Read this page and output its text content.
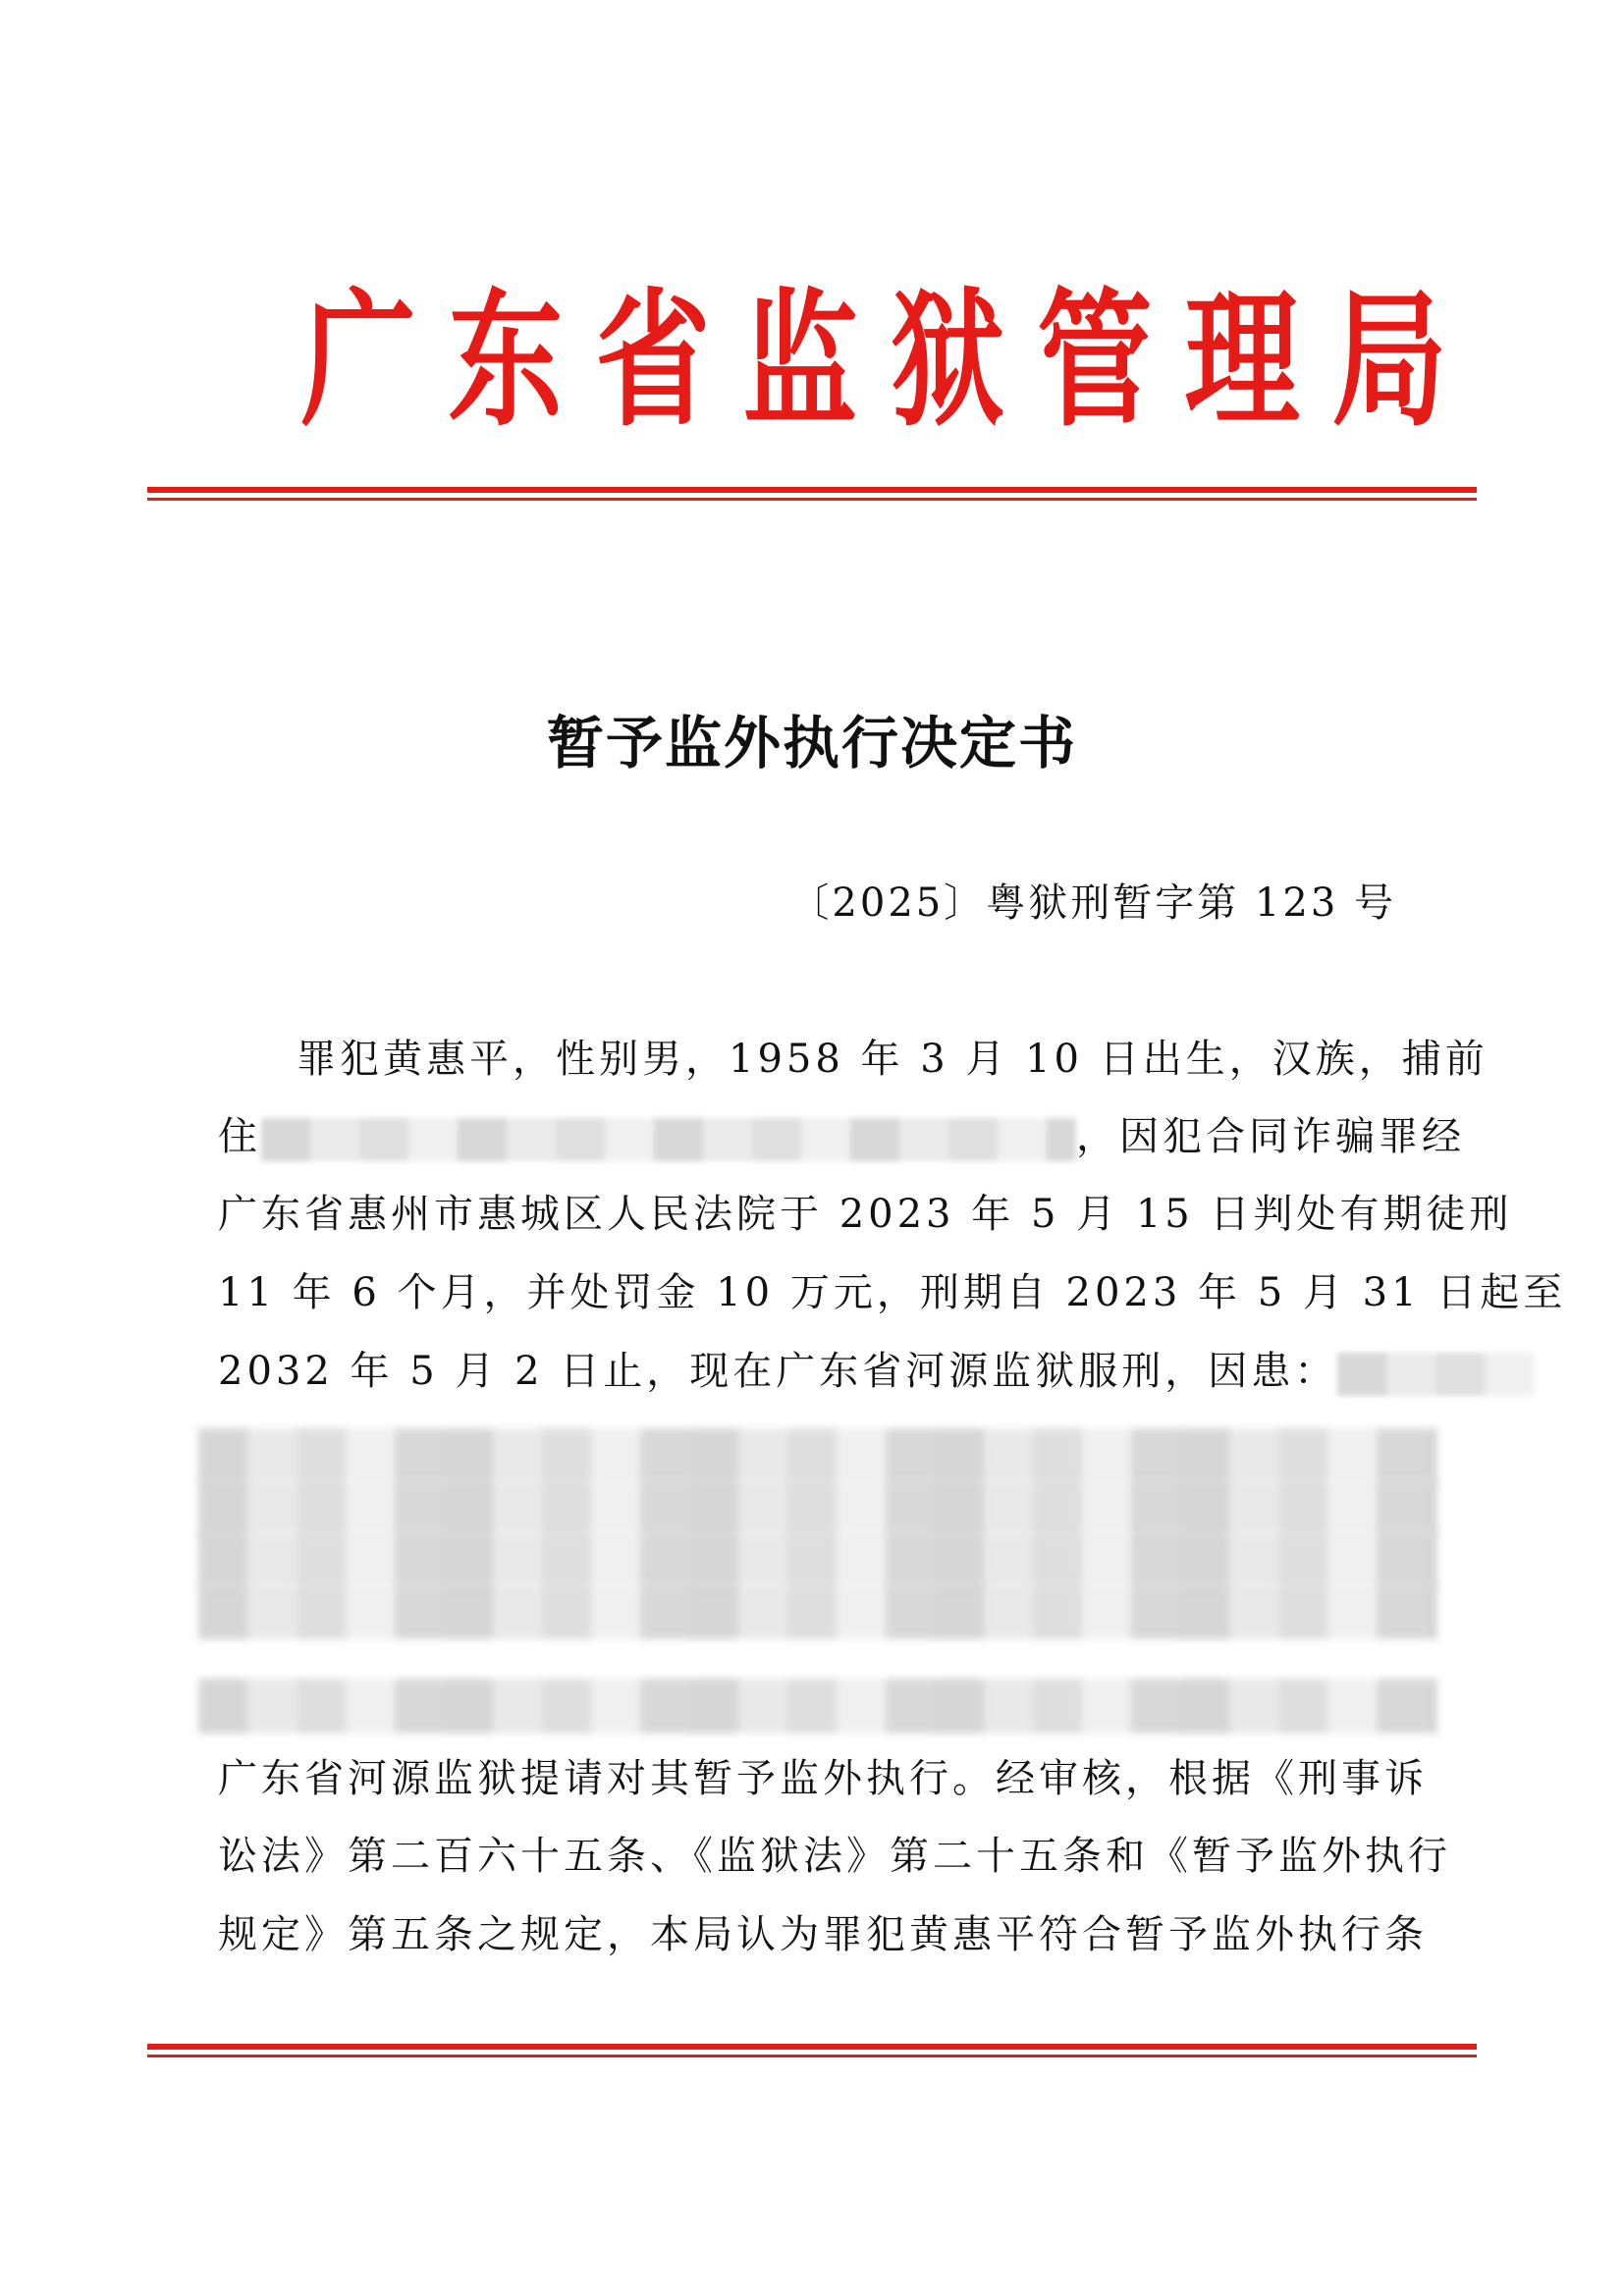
广 东 省 监 狱 管 理 局
暂予监外执行决定书
〔2025〕粤狱刑暂字第 123 号
罪犯黄惠平，性别男，1958 年 3 月 10 日出生，汉族，捕前
住	，因犯合同诈骗罪经
广东省惠州市惠城区人民法院于 2023 年 5 月 15 日判处有期徒刑
11 年 6 个月，并处罚金 10 万元，刑期自 2023 年 5 月 31 日起至
2032 年 5 月 2 日止，现在广东省河源监狱服刑，因患：
广东省河源监狱提请对其暂予监外执行。经审核，根据《刑事诉
讼法》第二百六十五条、《监狱法》第二十五条和《暂予监外执行
规定》第五条之规定，本局认为罪犯黄惠平符合暂予监外执行条
